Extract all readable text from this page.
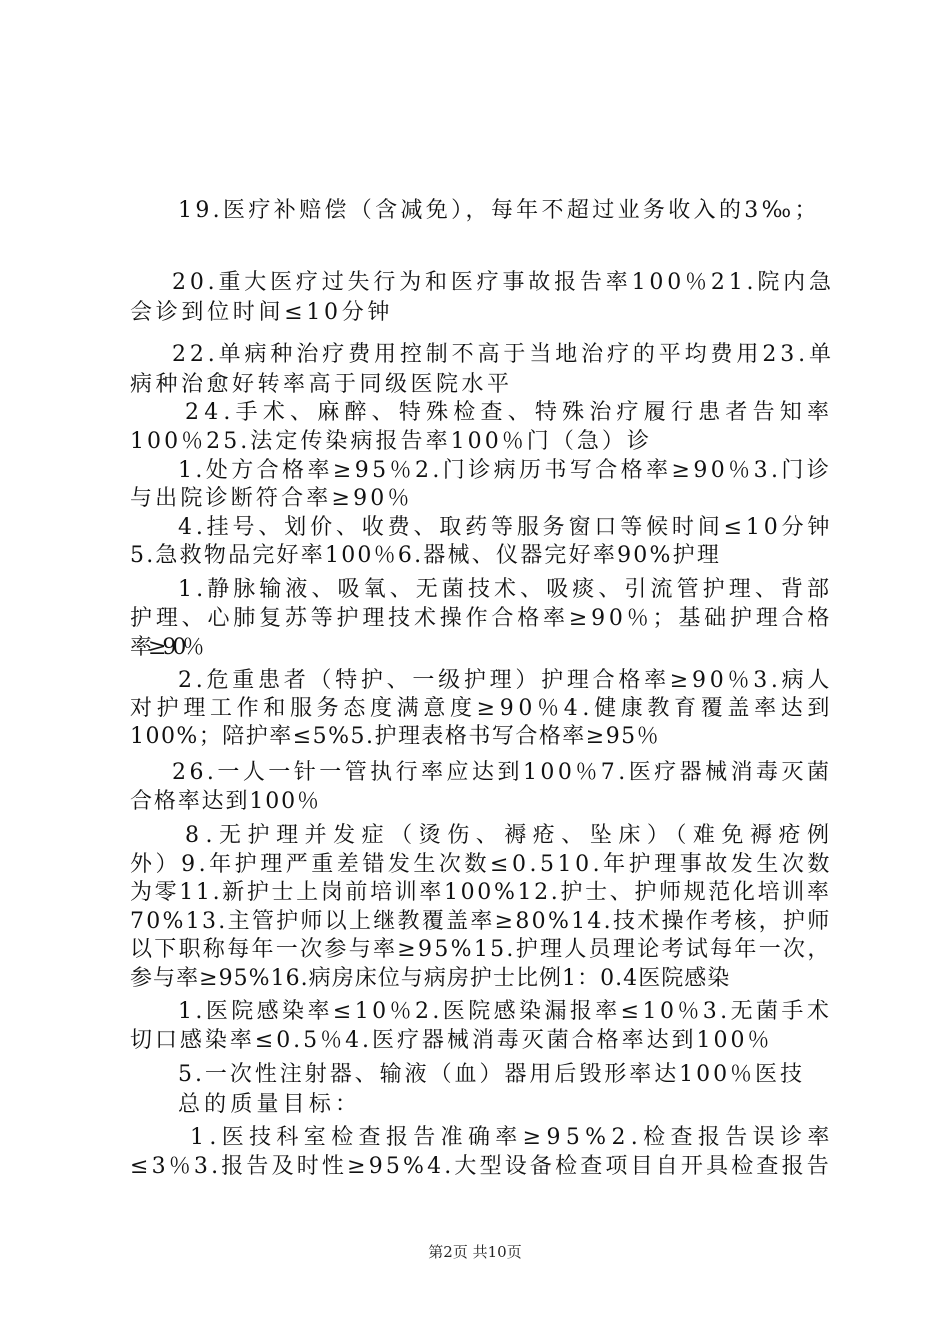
19.医疗补赔偿（含减免），每年不超过业务收入的3‰；
20.重大医疗过失行为和医疗事故报告率100％21.院内急
会诊到位时间≤10分钟
22.单病种治疗费用控制不高于当地治疗的平均费用23.单
病种治愈好转率高于同级医院水平
24.手术、麻醉、特殊检查、特殊治疗履行患者告知率
100％25.法定传染病报告率100％门（急）诊
1.处方合格率≥95％2.门诊病历书写合格率≥90％3.门诊
与出院诊断符合率≥90％
4.挂号、划价、收费、取药等服务窗口等候时间≤10分钟
5.急救物品完好率100％6.器械、仪器完好率90%护理
1.静脉输液、吸氧、无菌技术、吸痰、引流管护理、背部
护理、心肺复苏等护理技术操作合格率≥90％；基础护理合格
率≥90％
2.危重患者（特护、一级护理）护理合格率≥90％3.病人
对护理工作和服务态度满意度≥90％4.健康教育覆盖率达到
100%；陪护率≤5%5.护理表格书写合格率≥95％
26.一人一针一管执行率应达到100％7.医疗器械消毒灭菌
合格率达到100％
8.无护理并发症（烫伤、褥疮、坠床）（难免褥疮例
外）9.年护理严重差错发生次数≤0.510.年护理事故发生次数
为零11.新护士上岗前培训率100%12.护士、护师规范化培训率
70%13.主管护师以上继教覆盖率≥80%14.技术操作考核，护师
以下职称每年一次参与率≥95%15.护理人员理论考试每年一次，
参与率≥95%16.病房床位与病房护士比例1：0.4医院感染
1.医院感染率≤10％2.医院感染漏报率≤10％3.无菌手术
切口感染率≤0.5％4.医疗器械消毒灭菌合格率达到100％
5.一次性注射器、输液（血）器用后毁形率达100％医技
总的质量目标：
1.医技科室检查报告准确率≥95%2.检查报告误诊率
≤3％3.报告及时性≥95%4.大型设备检查项目自开具检查报告
第2页 共10页
